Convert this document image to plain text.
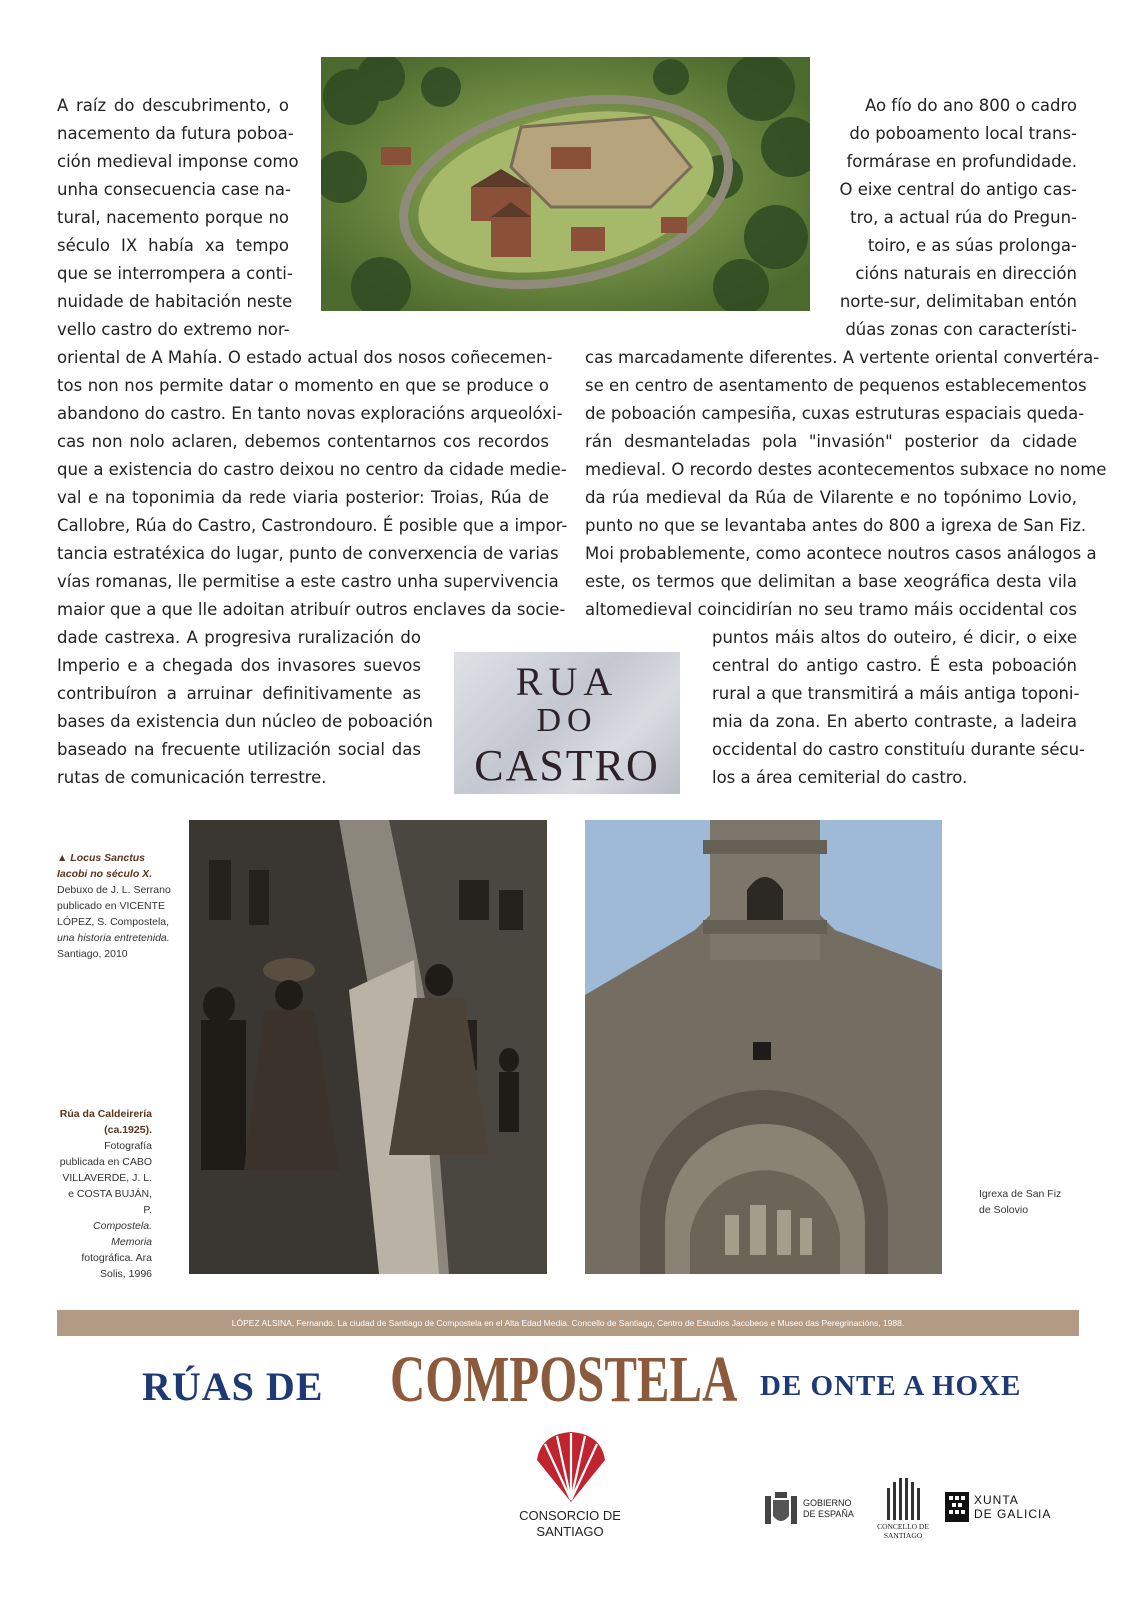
A raíz do descubrimento, o
nacemento da futura poboa-
ción medieval imponse como
unha consecuencia case na-
tural, nacemento porque no
século IX había xa tempo
que se interrompera a conti-
nuidade de habitación neste
vello castro do extremo nor-
Ao fío do ano 800 o cadro
do poboamento local trans-
formárase en profundidade.
O eixe central do antigo cas-
tro, a actual rúa do Pregun-
toiro, e as súas prolonga-
cións naturais en dirección
norte-sur, delimitaban entón
dúas zonas con característi-
oriental de A Mahía. O estado actual dos nosos coñecemen-
tos non nos permite datar o momento en que se produce o
abandono do castro. En tanto novas exploracións arqueolóxi-
cas non nolo aclaren, debemos contentarnos cos recordos
que a existencia do castro deixou no centro da cidade medie-
val e na toponimia da rede viaria posterior: Troias, Rúa de
Callobre, Rúa do Castro, Castrondouro. É posible que a impor-
tancia estratéxica do lugar, punto de converxencia de varias
vías romanas, lle permitise a este castro unha supervivencia
maior que a que lle adoitan atribuír outros enclaves da socie-
cas marcadamente diferentes. A vertente oriental convertéra-
se en centro de asentamento de pequenos establecementos
de poboación campesiña, cuxas estruturas espaciais queda-
rán desmanteladas pola "invasión" posterior da cidade
medieval. O recordo destes acontecementos subxace no nome
da rúa medieval da Rúa de Vilarente e no topónimo Lovio,
punto no que se levantaba antes do 800 a igrexa de San Fiz.
Moi probablemente, como acontece noutros casos análogos a
este, os termos que delimitan a base xeográfica desta vila
altomedieval coincidirían no seu tramo máis occidental cos
dade castrexa. A progresiva ruralización do
Imperio e a chegada dos invasores suevos
contribuíron a arruinar definitivamente as
bases da existencia dun núcleo de poboación
baseado na frecuente utilización social das
rutas de comunicación terrestre.
puntos máis altos do outeiro, é dicir, o eixe
central do antigo castro. É esta poboación
rural a que transmitirá a máis antiga toponi-
mia da zona. En aberto contraste, a ladeira
occidental do castro constituíu durante sécu-
los a área cemiterial do castro.
RUA
DO
CASTRO
▲ Locus Sanctus
Iacobi no século X.
Debuxo de J. L. Serrano
publicado en VICENTE
LÓPEZ, S. Compostela,
una historia entretenida.
Santiago, 2010
Rúa da Caldeirería
(ca.1925).
Fotografía
publicada en CABO
VILLAVERDE, J. L.
e COSTA BUJÁN, P.
Compostela.
Memoria
fotográfica. Ara
Solis, 1996
Igrexa de San Fiz
de Solovio
LÓPEZ ALSINA, Fernando. La ciudad de Santiago de Compostela en el Alta Edad Media. Concello de Santiago, Centro de Estudios Jacobeos e Museo das Peregrinacións, 1988.
RÚAS DE COMPOSTELA DE ONTE A HOXE
CONSORCIO DE
SANTIAGO
GOBIERNO
DE ESPAÑA
CONCELLO DE
SANTIAGO
XUNTA
DE GALICIA
